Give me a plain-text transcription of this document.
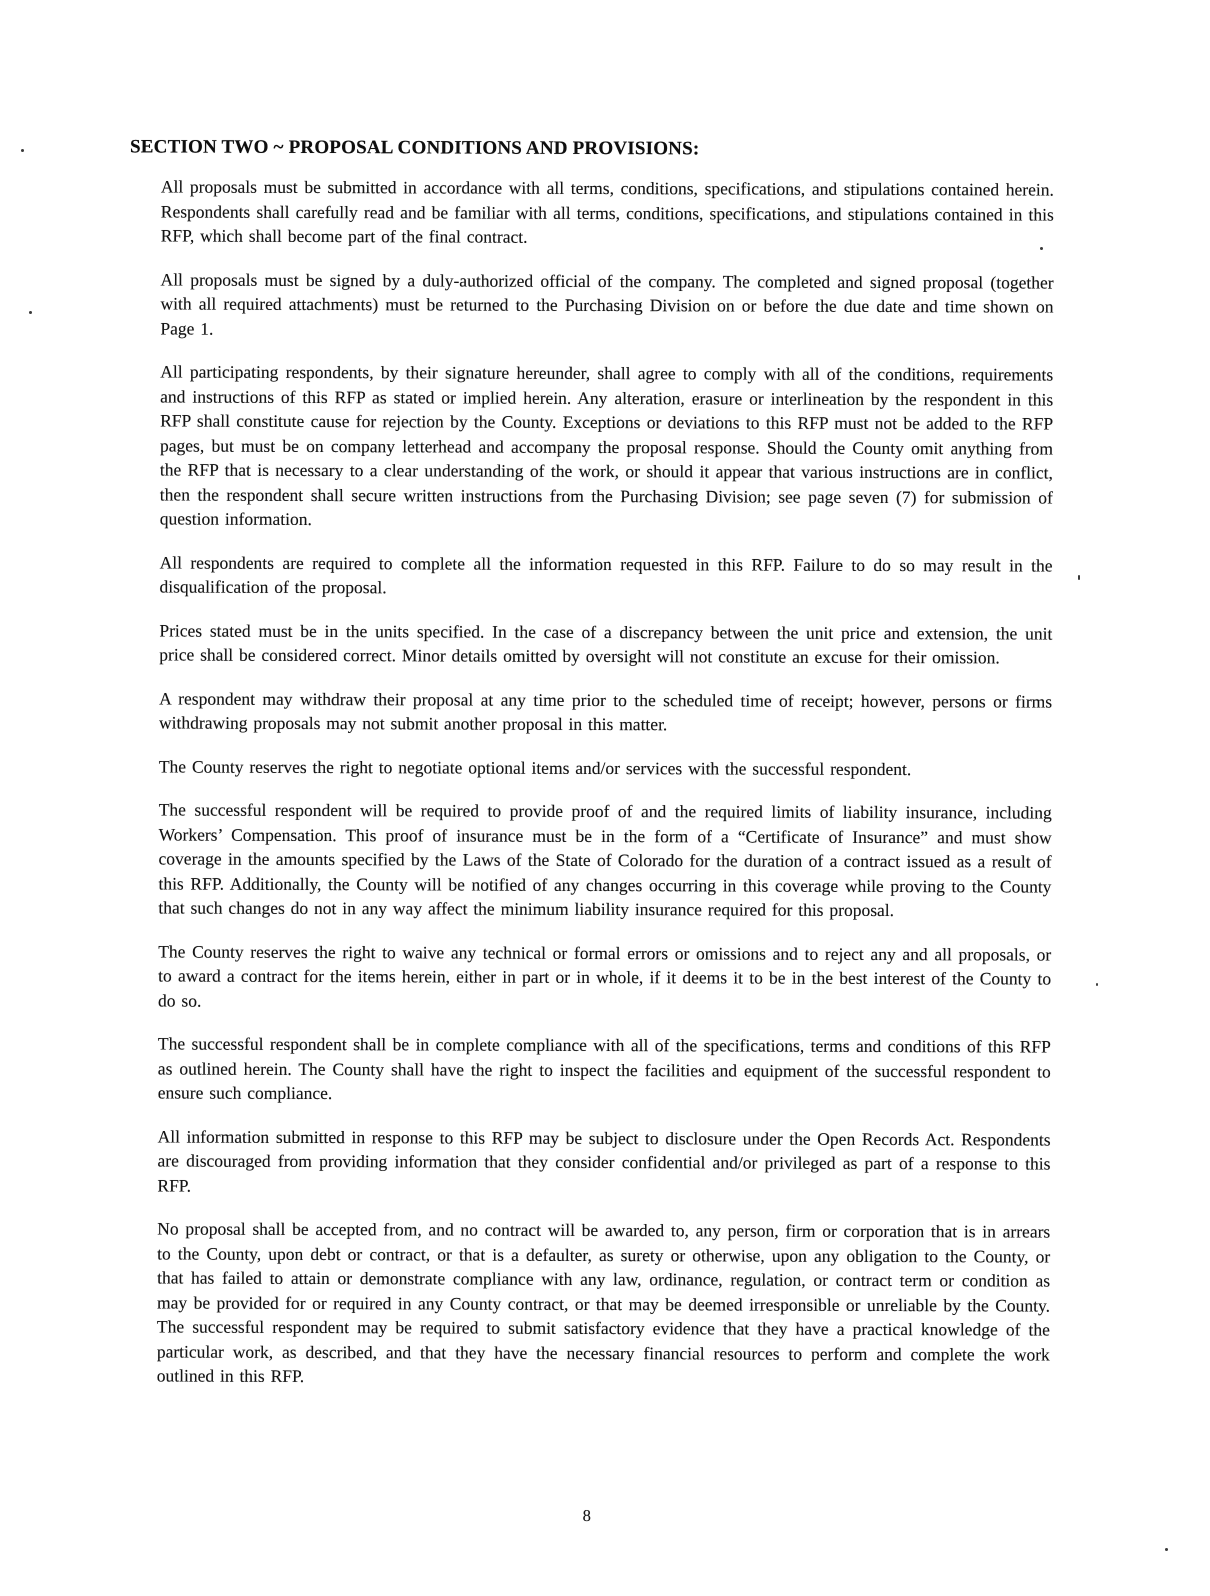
SECTION TWO ~ PROPOSAL CONDITIONS AND PROVISIONS:

All proposals must be submitted in accordance with all terms, conditions, specifications, and stipulations contained herein. Respondents shall carefully read and be familiar with all terms, conditions, specifications, and stipulations contained in this RFP, which shall become part of the final contract.

All proposals must be signed by a duly-authorized official of the company. The completed and signed proposal (together with all required attachments) must be returned to the Purchasing Division on or before the due date and time shown on Page 1.

All participating respondents, by their signature hereunder, shall agree to comply with all of the conditions, requirements and instructions of this RFP as stated or implied herein. Any alteration, erasure or interlineation by the respondent in this RFP shall constitute cause for rejection by the County. Exceptions or deviations to this RFP must not be added to the RFP pages, but must be on company letterhead and accompany the proposal response. Should the County omit anything from the RFP that is necessary to a clear understanding of the work, or should it appear that various instructions are in conflict, then the respondent shall secure written instructions from the Purchasing Division; see page seven (7) for submission of question information.

All respondents are required to complete all the information requested in this RFP. Failure to do so may result in the disqualification of the proposal.

Prices stated must be in the units specified. In the case of a discrepancy between the unit price and extension, the unit price shall be considered correct. Minor details omitted by oversight will not constitute an excuse for their omission.

A respondent may withdraw their proposal at any time prior to the scheduled time of receipt; however, persons or firms withdrawing proposals may not submit another proposal in this matter.

The County reserves the right to negotiate optional items and/or services with the successful respondent.

The successful respondent will be required to provide proof of and the required limits of liability insurance, including Workers’ Compensation. This proof of insurance must be in the form of a “Certificate of Insurance” and must show coverage in the amounts specified by the Laws of the State of Colorado for the duration of a contract issued as a result of this RFP. Additionally, the County will be notified of any changes occurring in this coverage while proving to the County that such changes do not in any way affect the minimum liability insurance required for this proposal.

The County reserves the right to waive any technical or formal errors or omissions and to reject any and all proposals, or to award a contract for the items herein, either in part or in whole, if it deems it to be in the best interest of the County to do so.

The successful respondent shall be in complete compliance with all of the specifications, terms and conditions of this RFP as outlined herein. The County shall have the right to inspect the facilities and equipment of the successful respondent to ensure such compliance.

All information submitted in response to this RFP may be subject to disclosure under the Open Records Act. Respondents are discouraged from providing information that they consider confidential and/or privileged as part of a response to this RFP.

No proposal shall be accepted from, and no contract will be awarded to, any person, firm or corporation that is in arrears to the County, upon debt or contract, or that is a defaulter, as surety or otherwise, upon any obligation to the County, or that has failed to attain or demonstrate compliance with any law, ordinance, regulation, or contract term or condition as may be provided for or required in any County contract, or that may be deemed irresponsible or unreliable by the County. The successful respondent may be required to submit satisfactory evidence that they have a practical knowledge of the particular work, as described, and that they have the necessary financial resources to perform and complete the work outlined in this RFP.

8
